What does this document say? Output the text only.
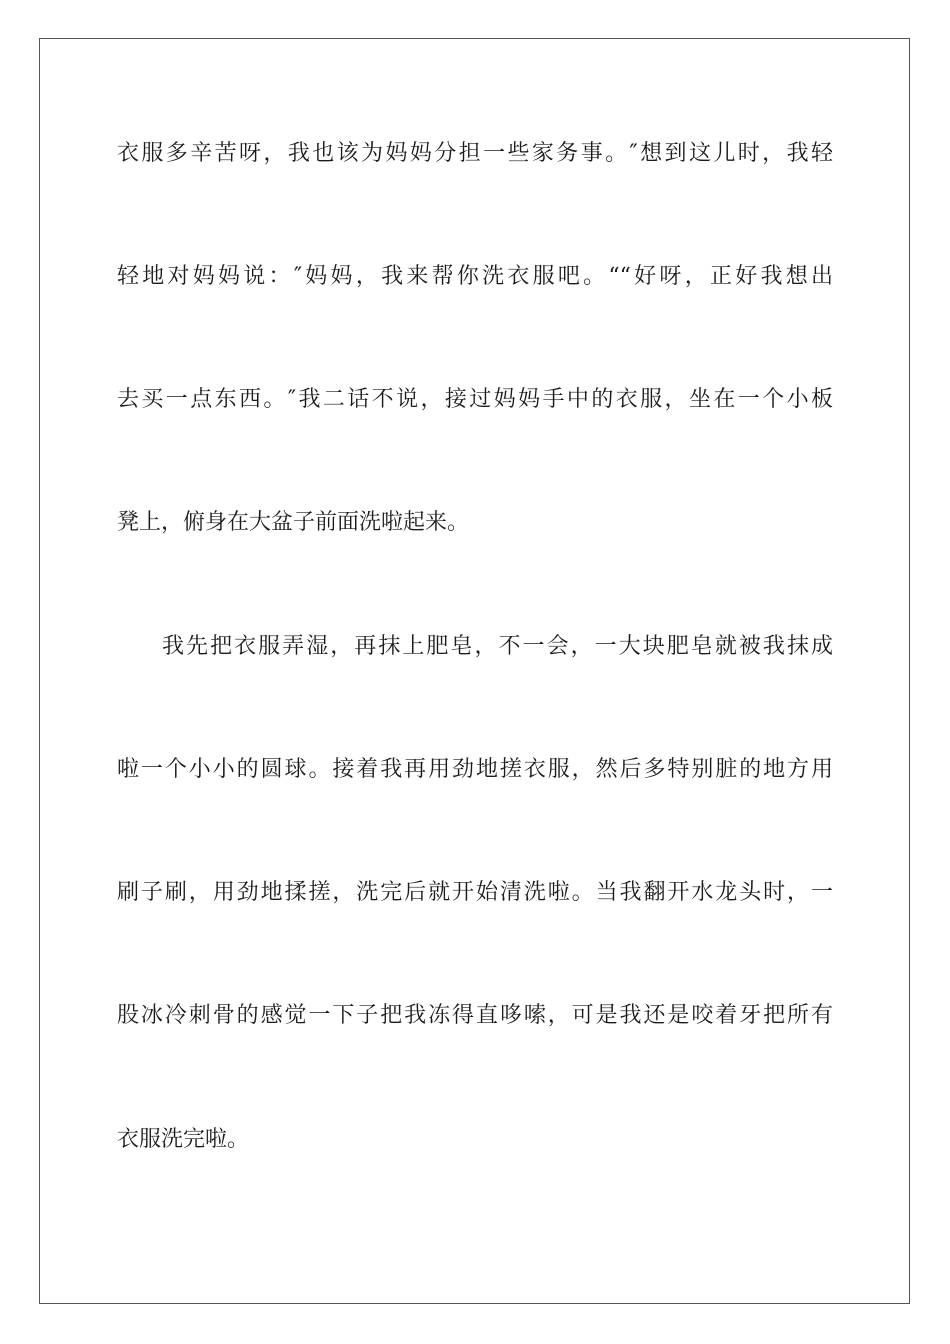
衣服多辛苦呀，我也该为妈妈分担一些家务事。″想到这儿时，我轻
轻地对妈妈说：″妈妈，我来帮你洗衣服吧。““好呀，正好我想出
去买一点东西。″我二话不说，接过妈妈手中的衣服，坐在一个小板
凳上，俯身在大盆子前面洗啦起来。
我先把衣服弄湿，再抹上肥皂，不一会，一大块肥皂就被我抹成
啦一个小小的圆球。接着我再用劲地搓衣服，然后多特别脏的地方用
刷子刷，用劲地揉搓，洗完后就开始清洗啦。当我翻开水龙头时，一
股冰冷刺骨的感觉一下子把我冻得直哆嗦，可是我还是咬着牙把所有
衣服洗完啦。
